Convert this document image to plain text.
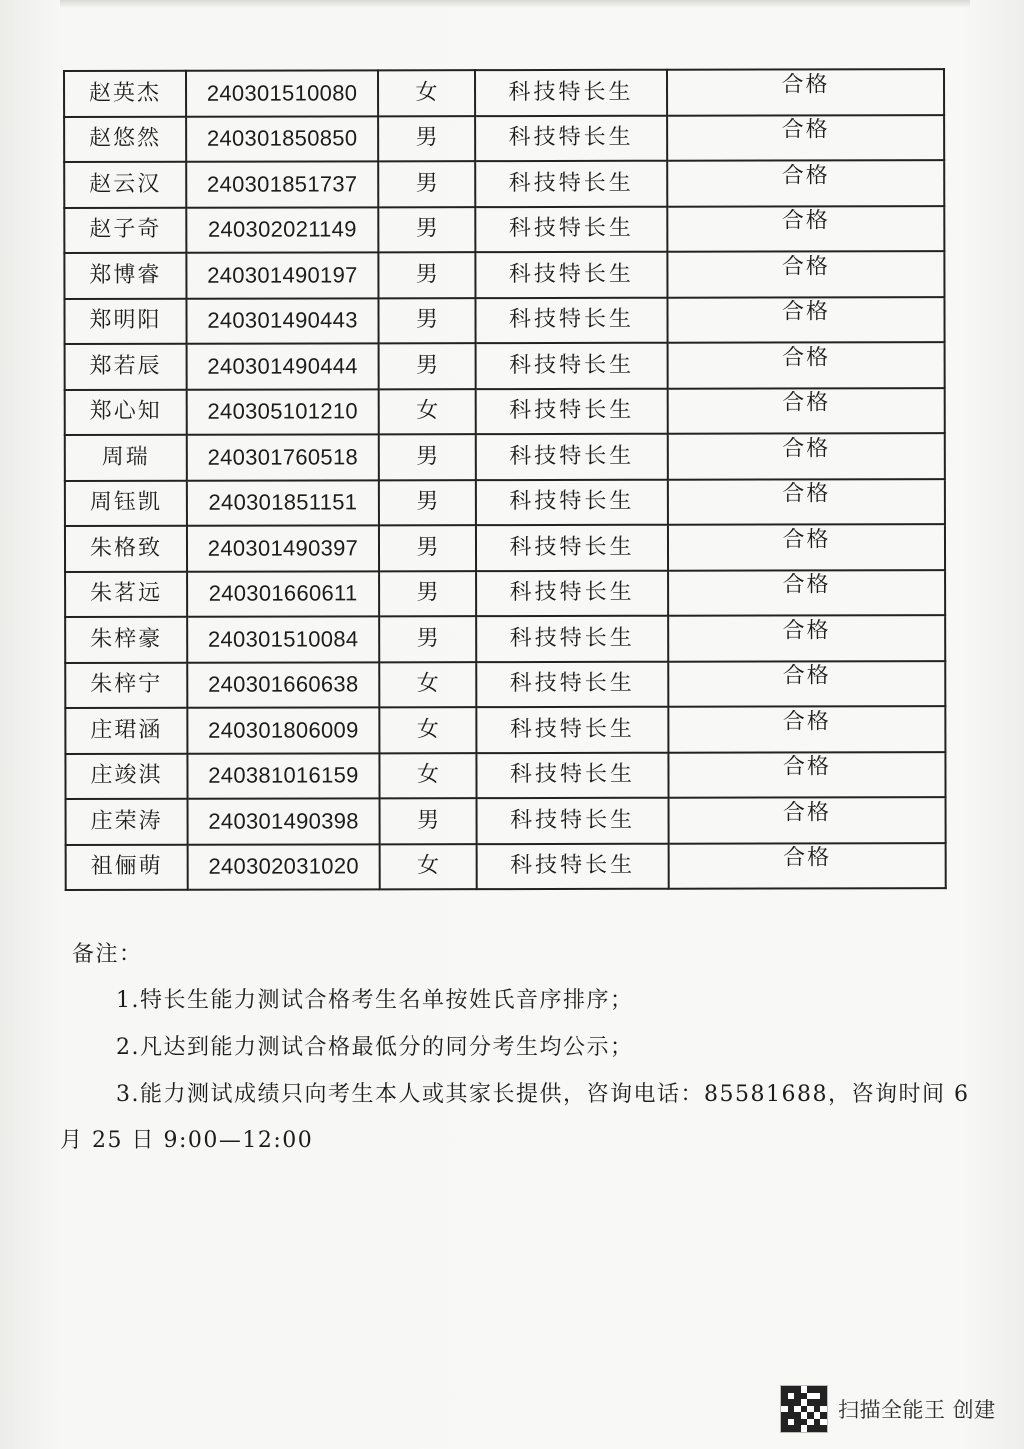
赵英杰	240301510080	女	科技特长生	合格
赵悠然	240301850850	男	科技特长生	合格
赵云汉	240301851737	男	科技特长生	合格
赵子奇	240302021149	男	科技特长生	合格
郑博睿	240301490197	男	科技特长生	合格
郑明阳	240301490443	男	科技特长生	合格
郑若辰	240301490444	男	科技特长生	合格
郑心知	240305101210	女	科技特长生	合格
周瑞	240301760518	男	科技特长生	合格
周钰凯	240301851151	男	科技特长生	合格
朱格致	240301490397	男	科技特长生	合格
朱茗远	240301660611	男	科技特长生	合格
朱梓豪	240301510084	男	科技特长生	合格
朱梓宁	240301660638	女	科技特长生	合格
庄珺涵	240301806009	女	科技特长生	合格
庄竣淇	240381016159	女	科技特长生	合格
庄荣涛	240301490398	男	科技特长生	合格
祖俪萌	240302031020	女	科技特长生	合格
备注：
1.特长生能力测试合格考生名单按姓氏音序排序；
2.凡达到能力测试合格最低分的同分考生均公示；
3.能力测试成绩只向考生本人或其家长提供，咨询电话：85581688，咨询时间 6
月 25 日 9:00—12:00
扫描全能王 创建
